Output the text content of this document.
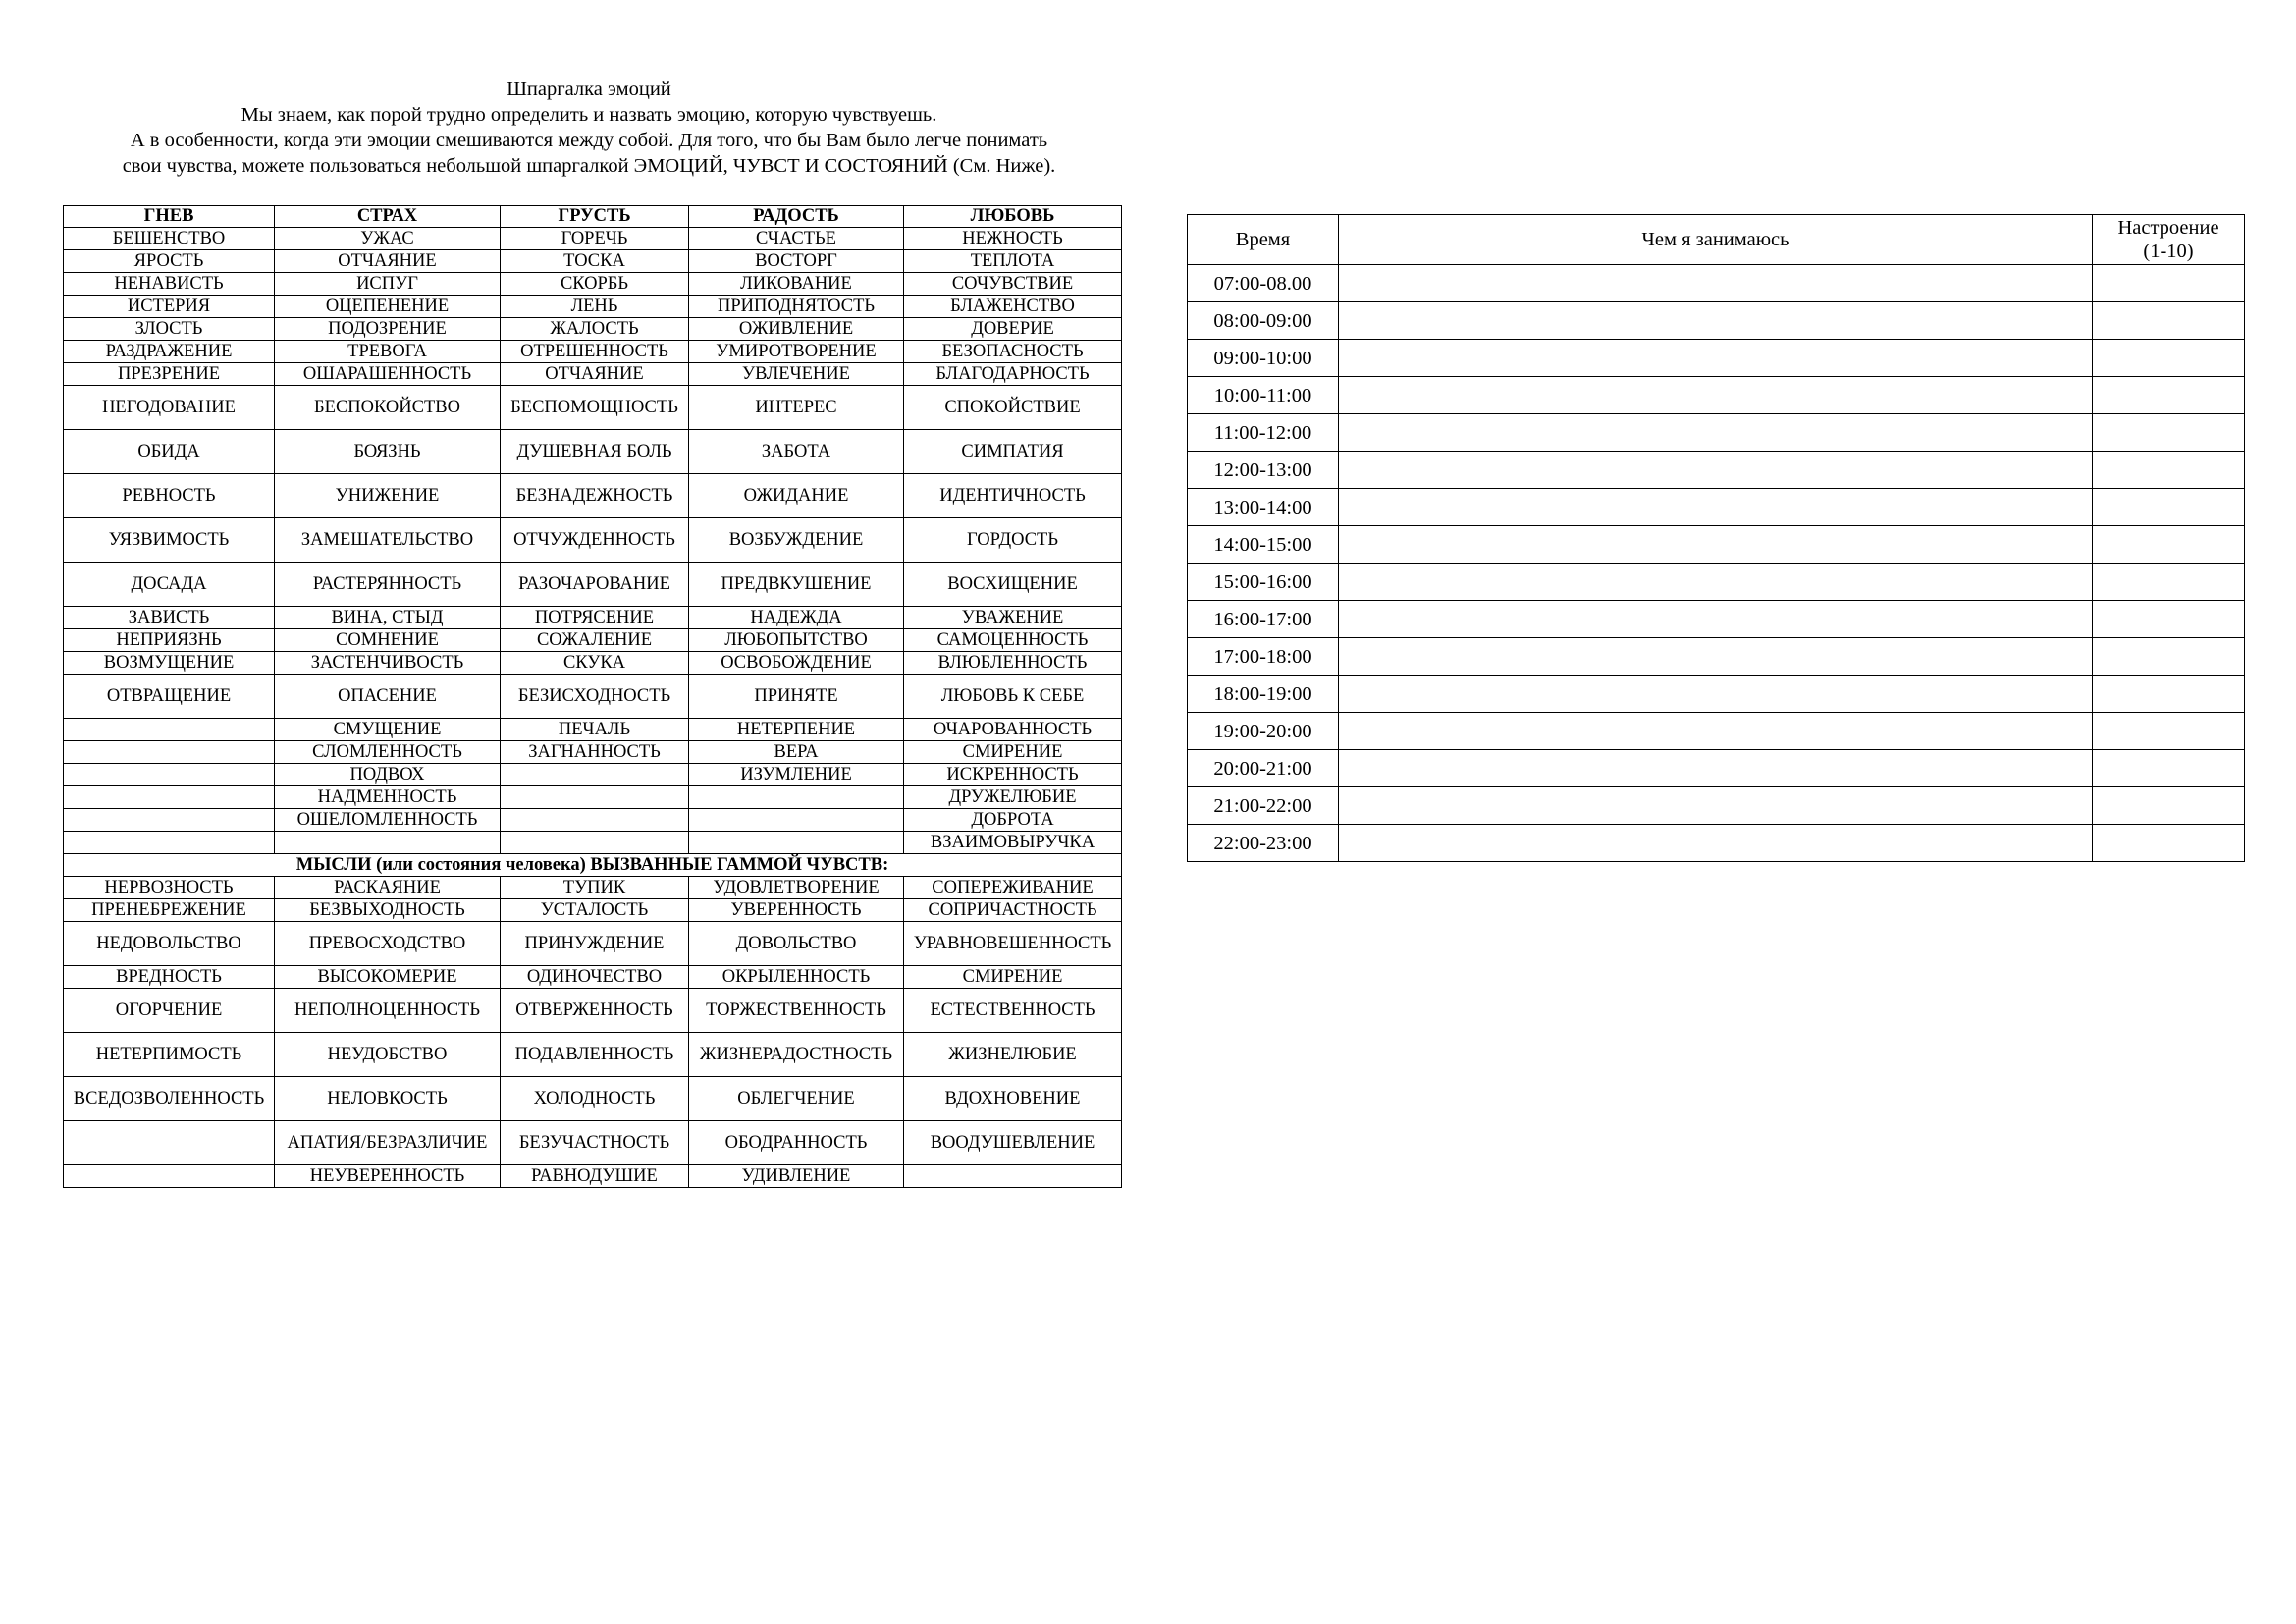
Шпаргалка эмоций
Мы знаем, как порой трудно определить и назвать эмоцию, которую чувствуешь.
А в особенности, когда эти эмоции смешиваются между собой. Для того, что бы Вам было легче понимать
свои чувства, можете пользоваться небольшой шпаргалкой ЭМОЦИЙ, ЧУВСТ И СОСТОЯНИЙ (См. Ниже).
ГНЕВ	СТРАХ	ГРУСТЬ	РАДОСТЬ	ЛЮБОВЬ
БЕШЕНСТВО	УЖАС	ГОРЕЧЬ	СЧАСТЬЕ	НЕЖНОСТЬ
ЯРОСТЬ	ОТЧАЯНИЕ	ТОСКА	ВОСТОРГ	ТЕПЛОТА
НЕНАВИСТЬ	ИСПУГ	СКОРБЬ	ЛИКОВАНИЕ	СОЧУВСТВИЕ
ИСТЕРИЯ	ОЦЕПЕНЕНИЕ	ЛЕНЬ	ПРИПОДНЯТОСТЬ	БЛАЖЕНСТВО
ЗЛОСТЬ	ПОДОЗРЕНИЕ	ЖАЛОСТЬ	ОЖИВЛЕНИЕ	ДОВЕРИЕ
РАЗДРАЖЕНИЕ	ТРЕВОГА	ОТРЕШЕННОСТЬ	УМИРОТВОРЕНИЕ	БЕЗОПАСНОСТЬ
ПРЕЗРЕНИЕ	ОШАРАШЕННОСТЬ	ОТЧАЯНИЕ	УВЛЕЧЕНИЕ	БЛАГОДАРНОСТЬ
НЕГОДОВАНИЕ	БЕСПОКОЙСТВО	БЕСПОМОЩНОСТЬ	ИНТЕРЕС	СПОКОЙСТВИЕ
ОБИДА	БОЯЗНЬ	ДУШЕВНАЯ БОЛЬ	ЗАБОТА	СИМПАТИЯ
РЕВНОСТЬ	УНИЖЕНИЕ	БЕЗНАДЕЖНОСТЬ	ОЖИДАНИЕ	ИДЕНТИЧНОСТЬ
УЯЗВИМОСТЬ	ЗАМЕШАТЕЛЬСТВО	ОТЧУЖДЕННОСТЬ	ВОЗБУЖДЕНИЕ	ГОРДОСТЬ
ДОСАДА	РАСТЕРЯННОСТЬ	РАЗОЧАРОВАНИЕ	ПРЕДВКУШЕНИЕ	ВОСХИЩЕНИЕ
ЗАВИСТЬ	ВИНА, СТЫД	ПОТРЯСЕНИЕ	НАДЕЖДА	УВАЖЕНИЕ
НЕПРИЯЗНЬ	СОМНЕНИЕ	СОЖАЛЕНИЕ	ЛЮБОПЫТСТВО	САМОЦЕННОСТЬ
ВОЗМУЩЕНИЕ	ЗАСТЕНЧИВОСТЬ	СКУКА	ОСВОБОЖДЕНИЕ	ВЛЮБЛЕННОСТЬ
ОТВРАЩЕНИЕ	ОПАСЕНИЕ	БЕЗИСХОДНОСТЬ	ПРИНЯТЕ	ЛЮБОВЬ К СЕБЕ
	СМУЩЕНИЕ	ПЕЧАЛЬ	НЕТЕРПЕНИЕ	ОЧАРОВАННОСТЬ
	СЛОМЛЕННОСТЬ	ЗАГНАННОСТЬ	ВЕРА	СМИРЕНИЕ
	ПОДВОХ		ИЗУМЛЕНИЕ	ИСКРЕННОСТЬ
	НАДМЕННОСТЬ			ДРУЖЕЛЮБИЕ
	ОШЕЛОМЛЕННОСТЬ			ДОБРОТА
				ВЗАИМОВЫРУЧКА
МЫСЛИ (или состояния человека) ВЫЗВАННЫЕ ГАММОЙ ЧУВСТВ:				
НЕРВОЗНОСТЬ	РАСКАЯНИЕ	ТУПИК	УДОВЛЕТВОРЕНИЕ	СОПЕРЕЖИВАНИЕ
ПРЕНЕБРЕЖЕНИЕ	БЕЗВЫХОДНОСТЬ	УСТАЛОСТЬ	УВЕРЕННОСТЬ	СОПРИЧАСТНОСТЬ
НЕДОВОЛЬСТВО	ПРЕВОСХОДСТВО	ПРИНУЖДЕНИЕ	ДОВОЛЬСТВО	УРАВНОВЕШЕННОСТЬ
ВРЕДНОСТЬ	ВЫСОКОМЕРИЕ	ОДИНОЧЕСТВО	ОКРЫЛЕННОСТЬ	СМИРЕНИЕ
ОГОРЧЕНИЕ	НЕПОЛНОЦЕННОСТЬ	ОТВЕРЖЕННОСТЬ	ТОРЖЕСТВЕННОСТЬ	ЕСТЕСТВЕННОСТЬ
НЕТЕРПИМОСТЬ	НЕУДОБСТВО	ПОДАВЛЕННОСТЬ	ЖИЗНЕРАДОСТНОСТЬ	ЖИЗНЕЛЮБИЕ
ВСЕДОЗВОЛЕННОСТЬ	НЕЛОВКОСТЬ	ХОЛОДНОСТЬ	ОБЛЕГЧЕНИЕ	ВДОХНОВЕНИЕ
	АПАТИЯ/БЕЗРАЗЛИЧИЕ	БЕЗУЧАСТНОСТЬ	ОБОДРАННОСТЬ	ВООДУШЕВЛЕНИЕ
	НЕУВЕРЕННОСТЬ	РАВНОДУШИЕ	УДИВЛЕНИЕ	
Время	Чем я занимаюсь	Настроение
(1-10)

07:00-08.00		
08:00-09:00		
09:00-10:00		
10:00-11:00		
11:00-12:00		
12:00-13:00		
13:00-14:00		
14:00-15:00		
15:00-16:00		
16:00-17:00		
17:00-18:00		
18:00-19:00		
19:00-20:00		
20:00-21:00		
21:00-22:00		
22:00-23:00		
